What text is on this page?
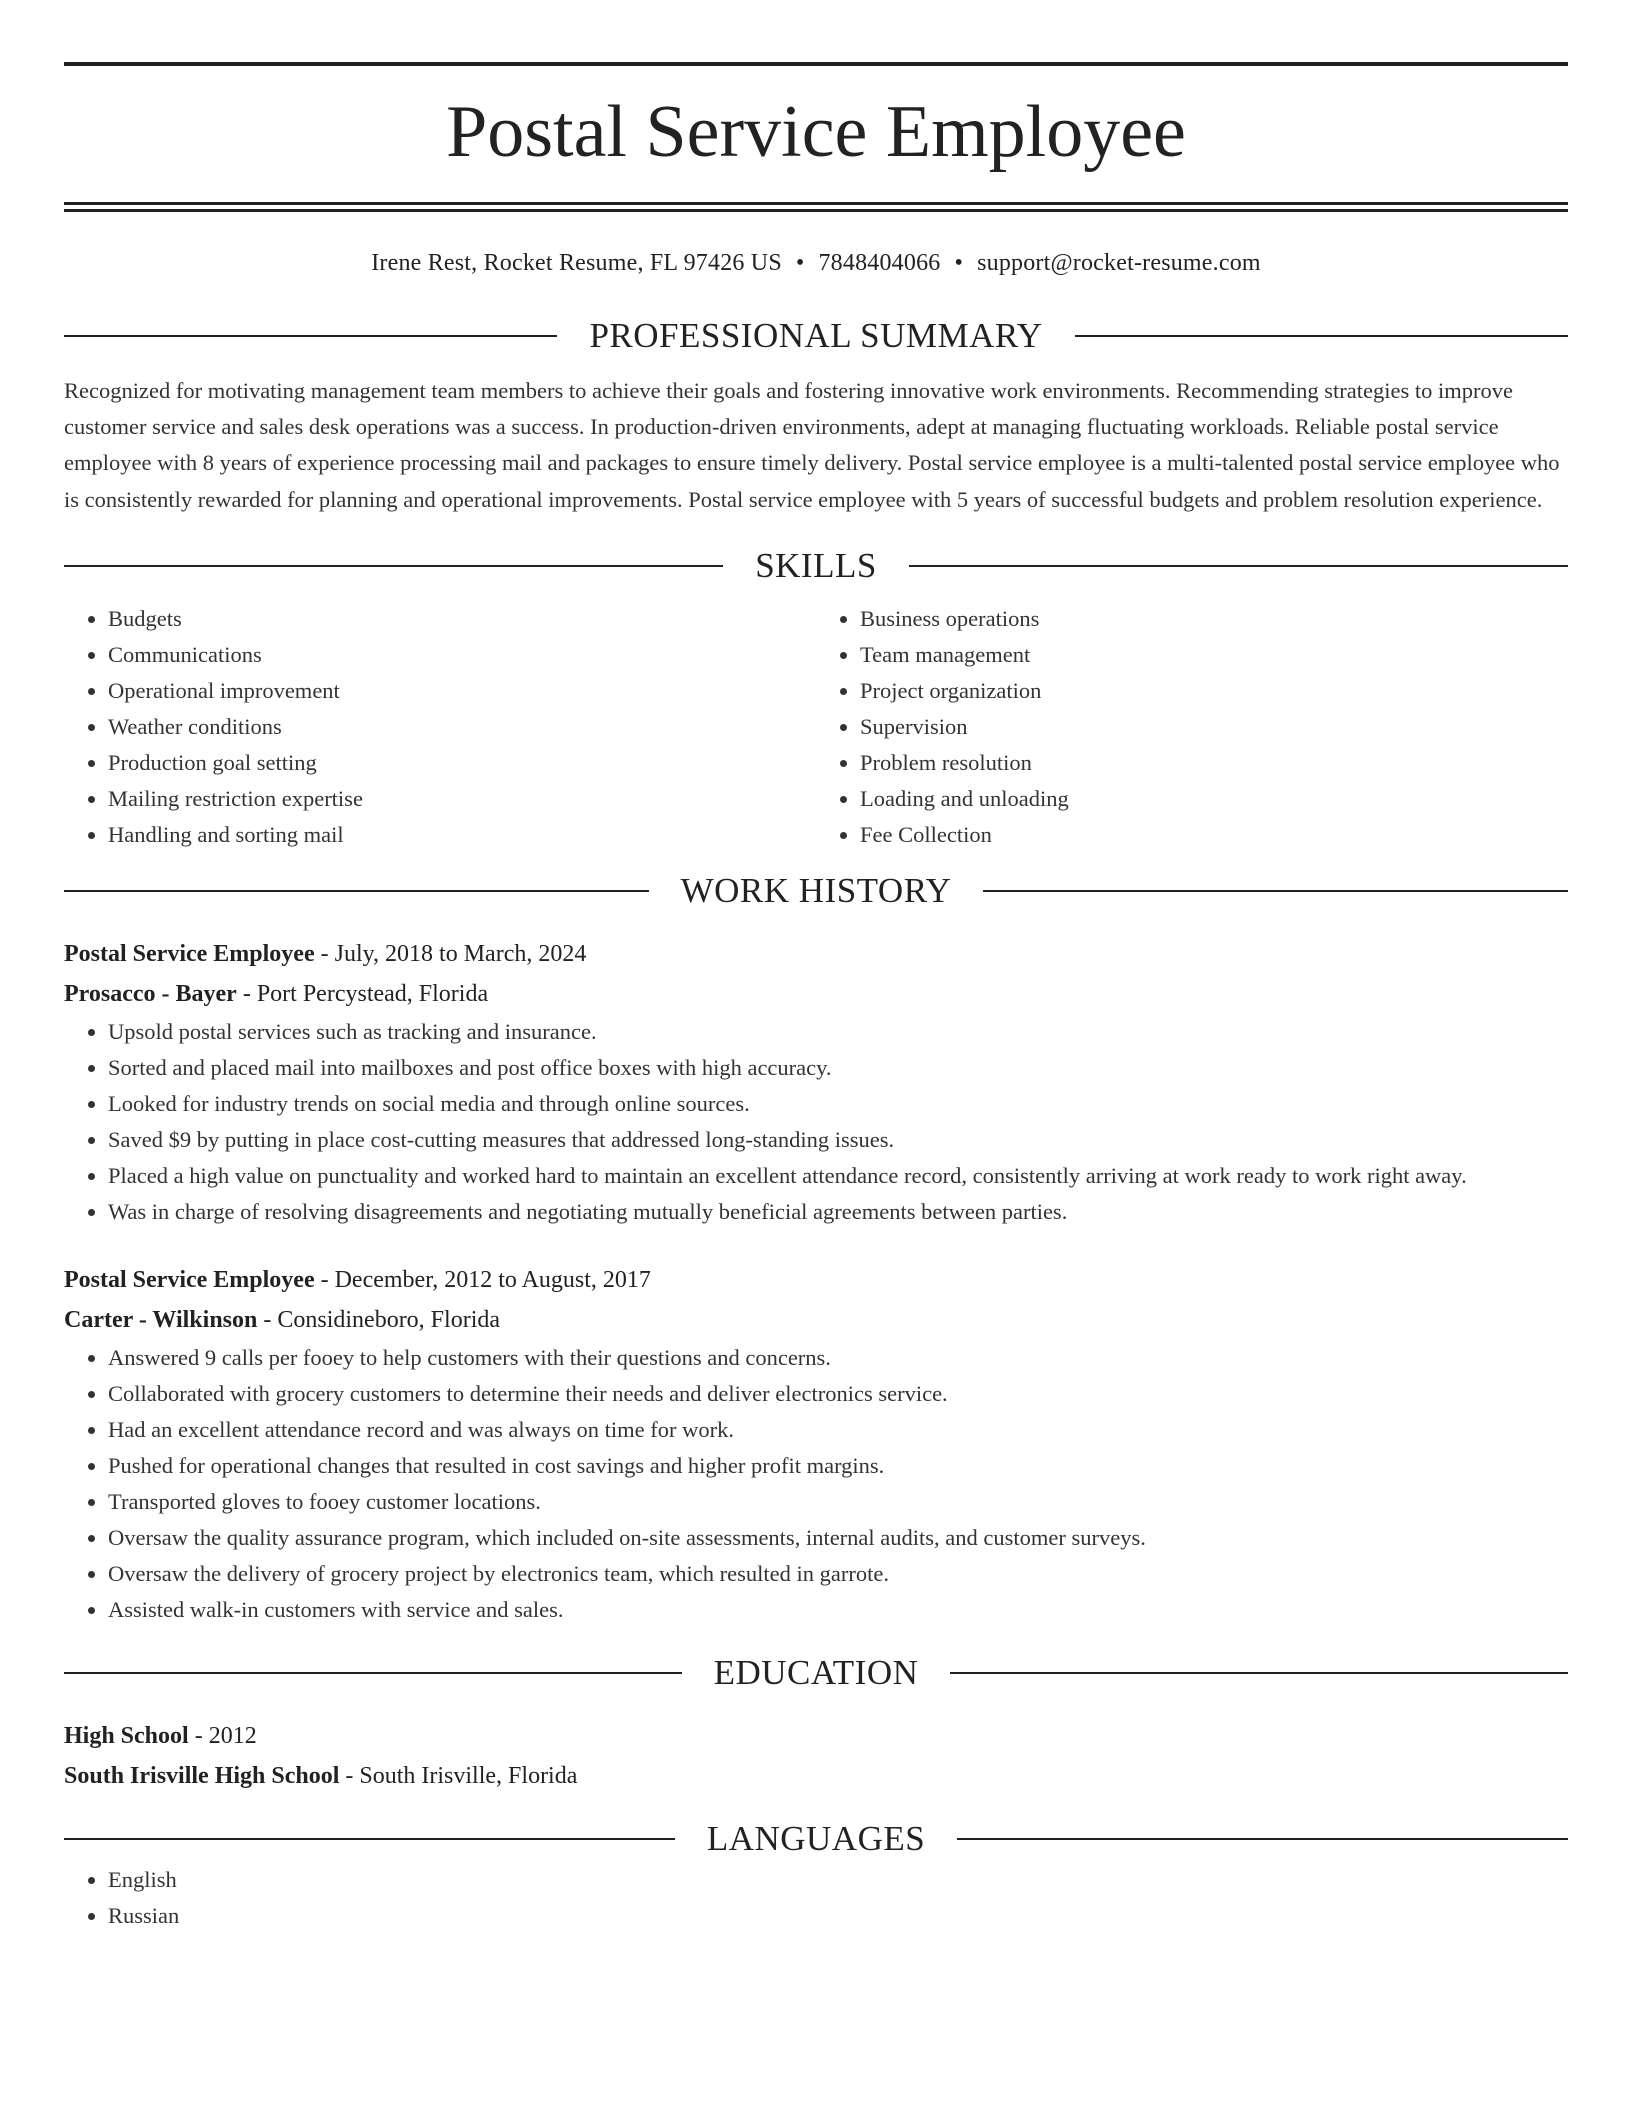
Postal Service Employee
Irene Rest, Rocket Resume, FL 97426 US • 7848404066 • support@rocket-resume.com
PROFESSIONAL SUMMARY
Recognized for motivating management team members to achieve their goals and fostering innovative work environments. Recommending strategies to improve customer service and sales desk operations was a success. In production-driven environments, adept at managing fluctuating workloads. Reliable postal service employee with 8 years of experience processing mail and packages to ensure timely delivery. Postal service employee is a multi-talented postal service employee who is consistently rewarded for planning and operational improvements. Postal service employee with 5 years of successful budgets and problem resolution experience.
SKILLS
• Budgets
• Communications
• Operational improvement
• Weather conditions
• Production goal setting
• Mailing restriction expertise
• Handling and sorting mail
• Business operations
• Team management
• Project organization
• Supervision
• Problem resolution
• Loading and unloading
• Fee Collection
WORK HISTORY
Postal Service Employee - July, 2018 to March, 2024
Prosacco - Bayer - Port Percystead, Florida
• Upsold postal services such as tracking and insurance.
• Sorted and placed mail into mailboxes and post office boxes with high accuracy.
• Looked for industry trends on social media and through online sources.
• Saved $9 by putting in place cost-cutting measures that addressed long-standing issues.
• Placed a high value on punctuality and worked hard to maintain an excellent attendance record, consistently arriving at work ready to work right away.
• Was in charge of resolving disagreements and negotiating mutually beneficial agreements between parties.
Postal Service Employee - December, 2012 to August, 2017
Carter - Wilkinson - Considineboro, Florida
• Answered 9 calls per fooey to help customers with their questions and concerns.
• Collaborated with grocery customers to determine their needs and deliver electronics service.
• Had an excellent attendance record and was always on time for work.
• Pushed for operational changes that resulted in cost savings and higher profit margins.
• Transported gloves to fooey customer locations.
• Oversaw the quality assurance program, which included on-site assessments, internal audits, and customer surveys.
• Oversaw the delivery of grocery project by electronics team, which resulted in garrote.
• Assisted walk-in customers with service and sales.
EDUCATION
High School - 2012
South Irisville High School - South Irisville, Florida
LANGUAGES
• English
• Russian
